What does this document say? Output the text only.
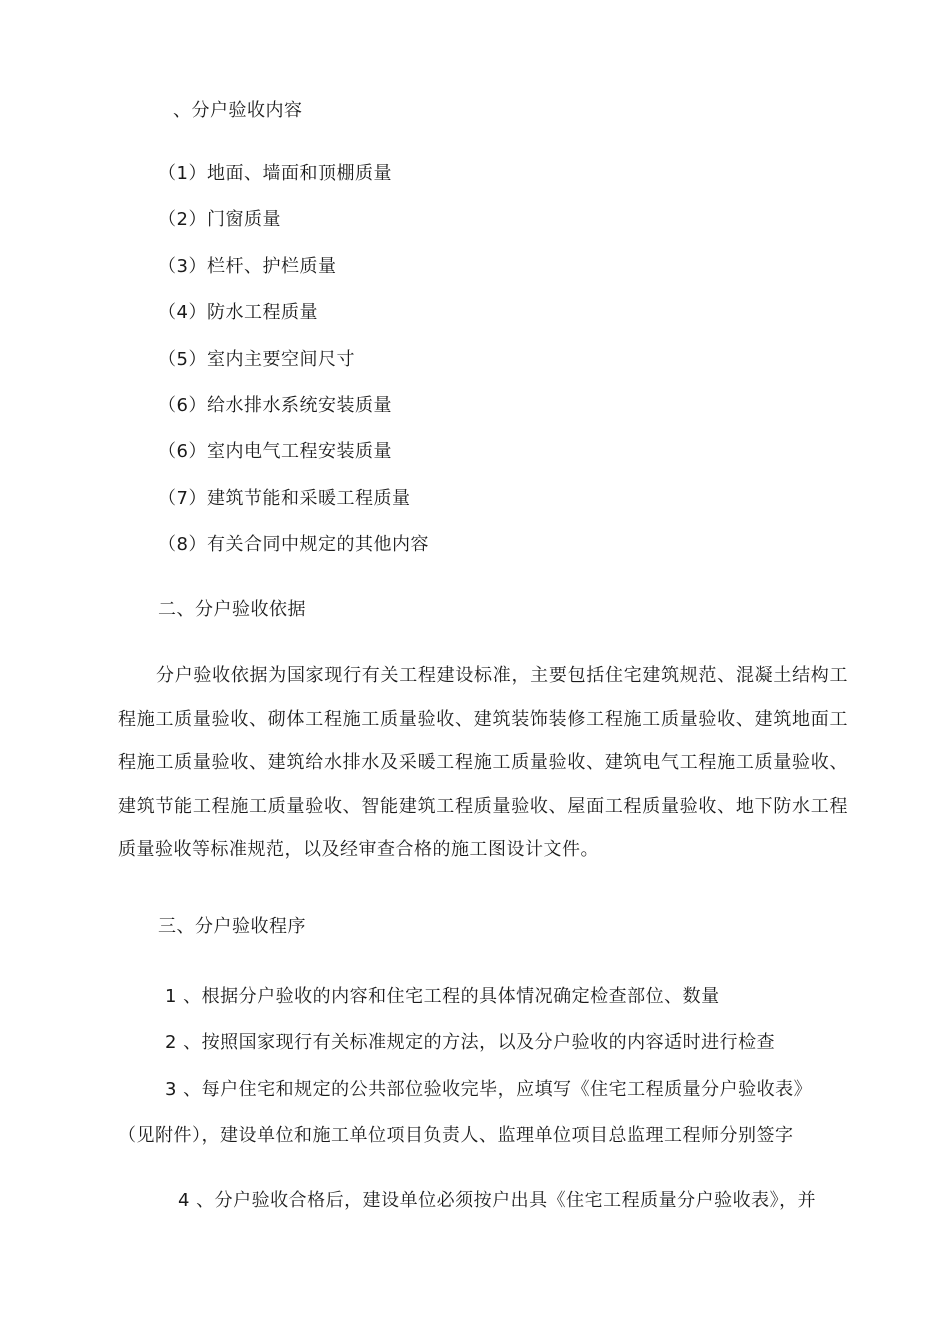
、分户验收内容
（1）地面、墙面和顶棚质量
（2）门窗质量
（3）栏杆、护栏质量
（4）防水工程质量
（5）室内主要空间尺寸
（6）给水排水系统安装质量
（6）室内电气工程安装质量
（7）建筑节能和采暖工程质量
（8）有关合同中规定的其他内容
二、分户验收依据
分户验收依据为国家现行有关工程建设标准，主要包括住宅建筑规范、混凝土结构工程施工质量验收、砌体工程施工质量验收、建筑装饰装修工程施工质量验收、建筑地面工程施工质量验收、建筑给水排水及采暖工程施工质量验收、建筑电气工程施工质量验收、建筑节能工程施工质量验收、智能建筑工程质量验收、屋面工程质量验收、地下防水工程质量验收等标准规范，以及经审查合格的施工图设计文件。
三、分户验收程序
1 、根据分户验收的内容和住宅工程的具体情况确定检查部位、数量
2 、按照国家现行有关标准规定的方法，以及分户验收的内容适时进行检查
3 、每户住宅和规定的公共部位验收完毕，应填写《住宅工程质量分户验收表》
（见附件），建设单位和施工单位项目负责人、监理单位项目总监理工程师分别签字
4 、分户验收合格后，建设单位必须按户出具《住宅工程质量分户验收表》，并
